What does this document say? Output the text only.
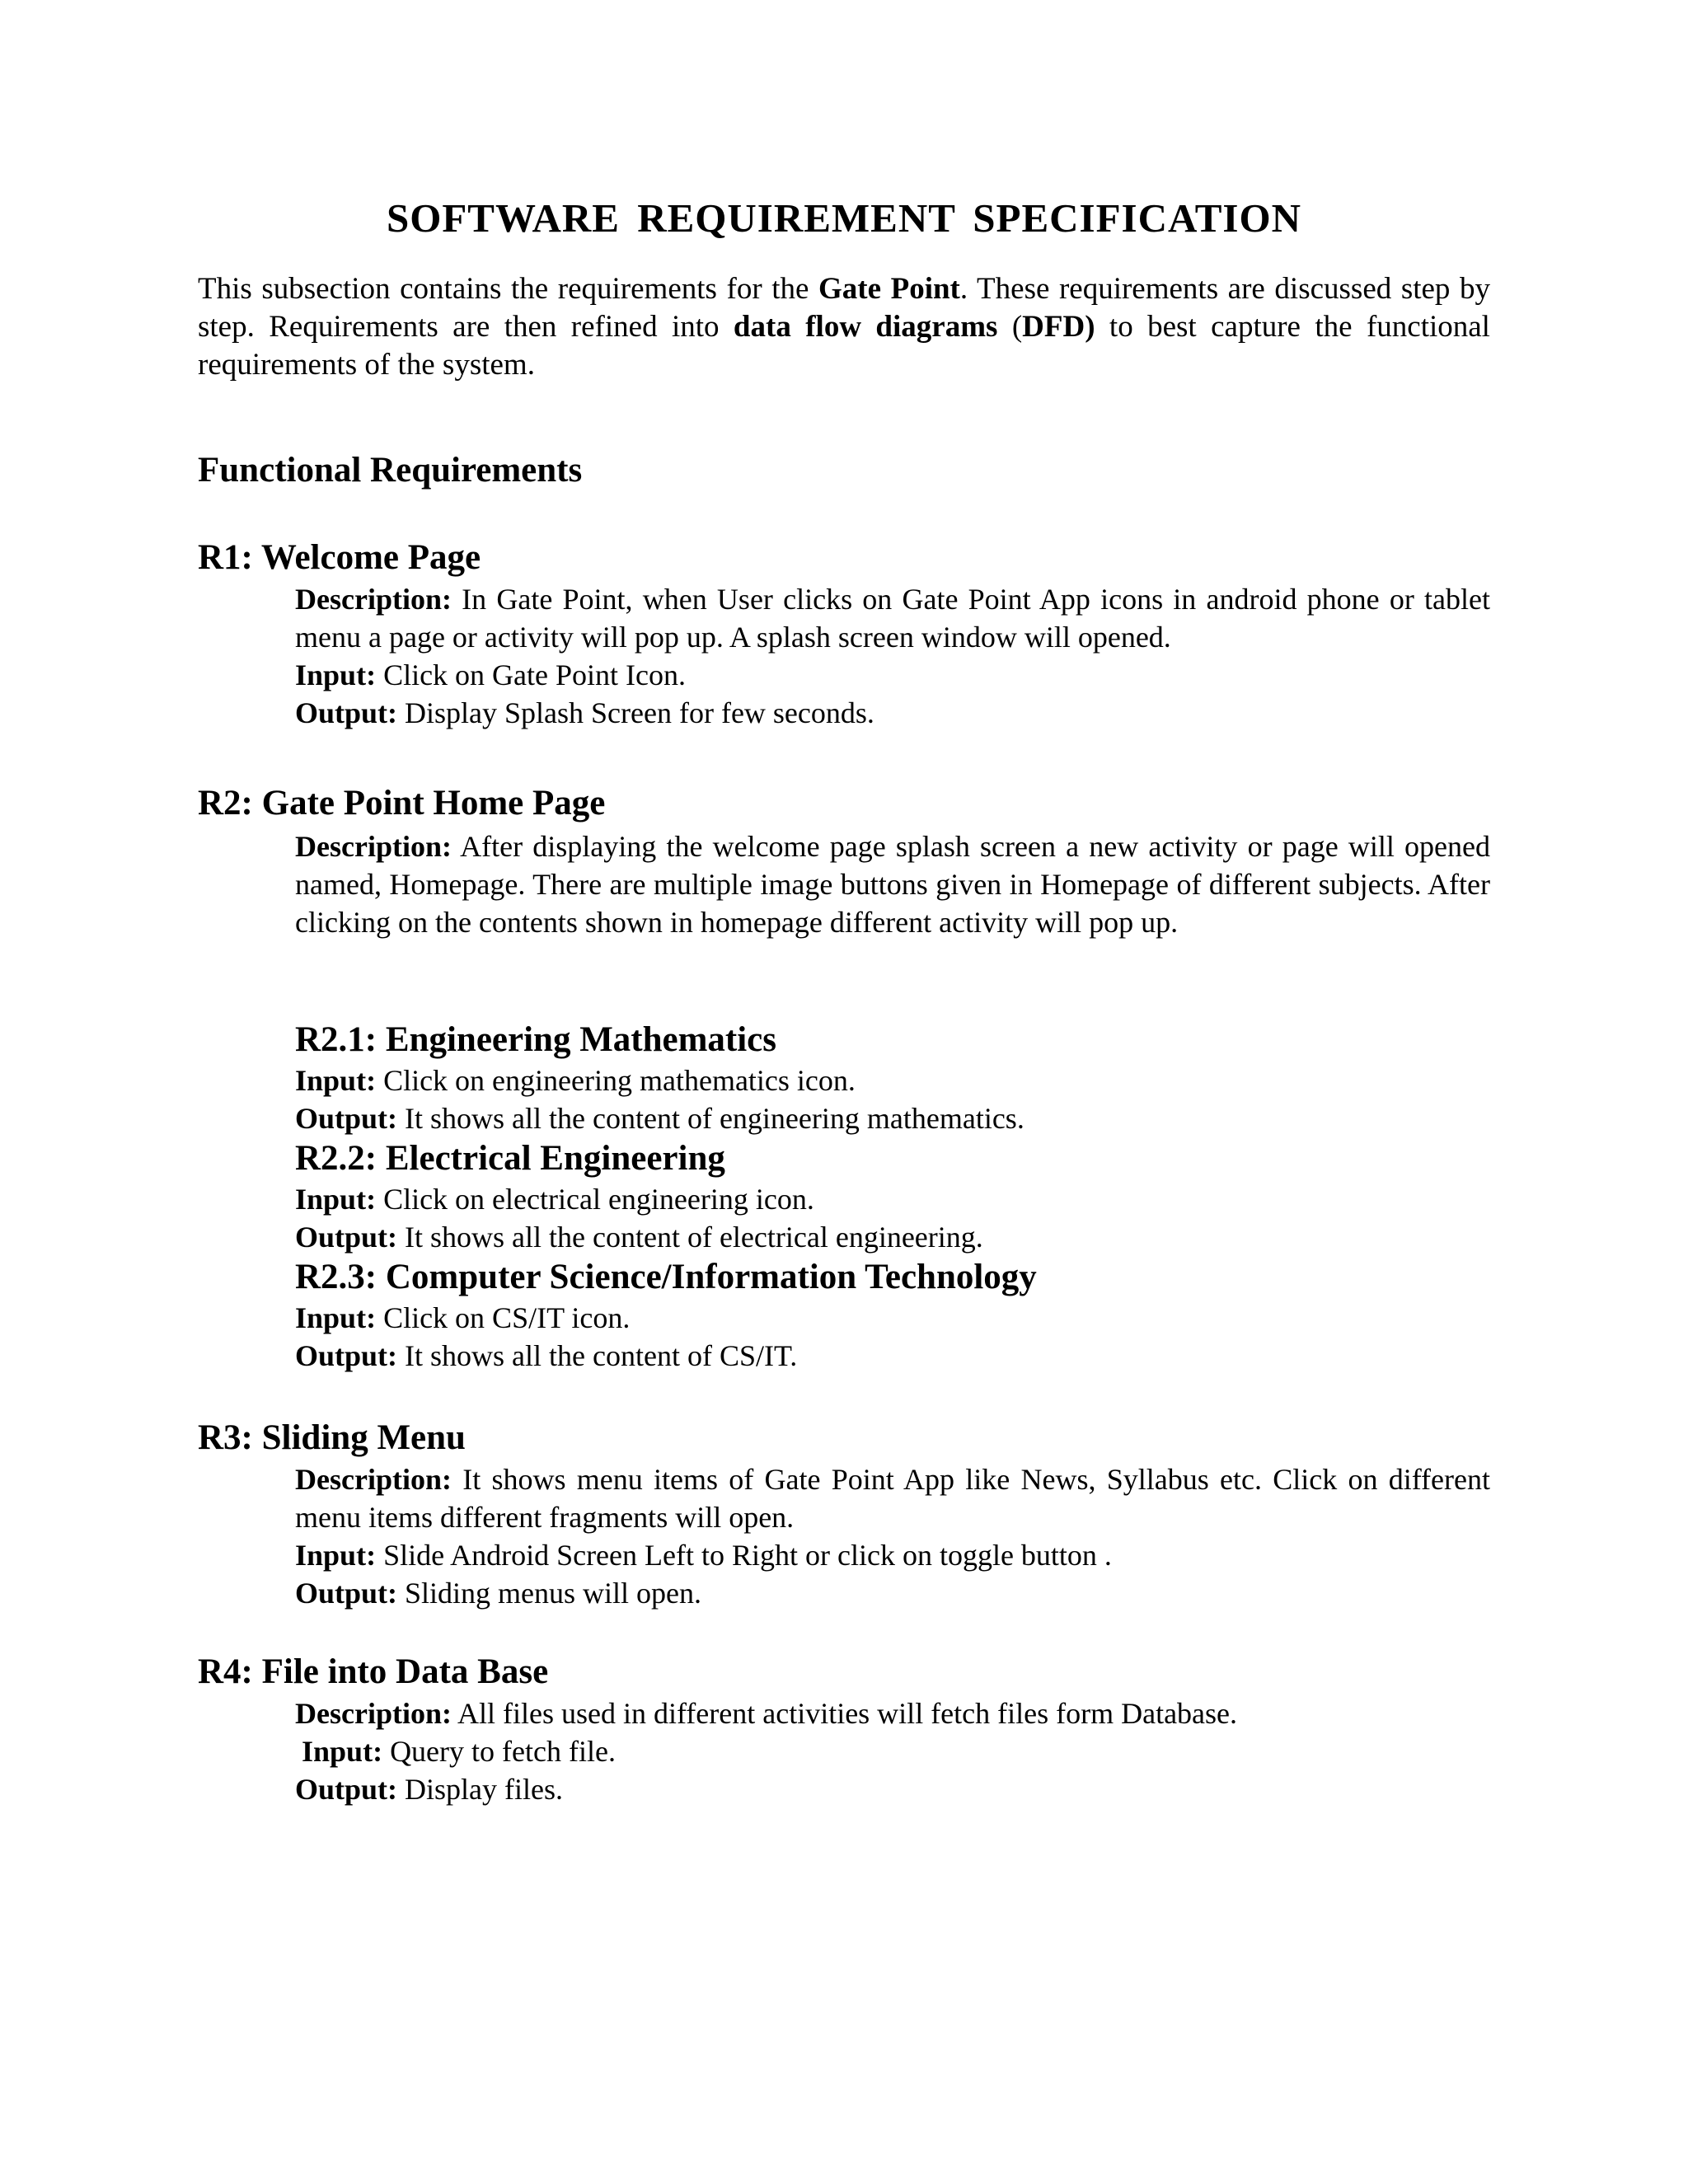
SOFTWARE REQUIREMENT SPECIFICATION

This subsection contains the requirements for the Gate Point. These requirements are discussed step by step. Requirements are then refined into data flow diagrams (DFD) to best capture the functional requirements of the system.

Functional Requirements
R1: Welcome Page
Description: In Gate Point, when User clicks on Gate Point App icons in android phone or tablet menu a page or activity will pop up. A splash screen window will opened.
Input: Click on Gate Point Icon.
Output: Display Splash Screen for few seconds.
R2: Gate Point Home Page
Description: After displaying the welcome page splash screen a new activity or page will opened named, Homepage. There are multiple image buttons given in Homepage of different subjects. After clicking on the contents shown in homepage different activity will pop up.
R2.1: Engineering Mathematics
Input: Click on engineering mathematics icon.
Output: It shows all the content of engineering mathematics.
R2.2: Electrical Engineering
Input: Click on electrical engineering icon.
Output: It shows all the content of electrical engineering.
R2.3: Computer Science/Information Technology
Input: Click on CS/IT icon.
Output: It shows all the content of CS/IT.
R3: Sliding Menu
Description: It shows menu items of Gate Point App like News, Syllabus etc. Click on different menu items different fragments will open.
Input: Slide Android Screen Left to Right or click on toggle button .
Output: Sliding menus will open.
R4: File into Data Base
Description: All files used in different activities will fetch files form Database.
Input: Query to fetch file.
Output: Display files.
